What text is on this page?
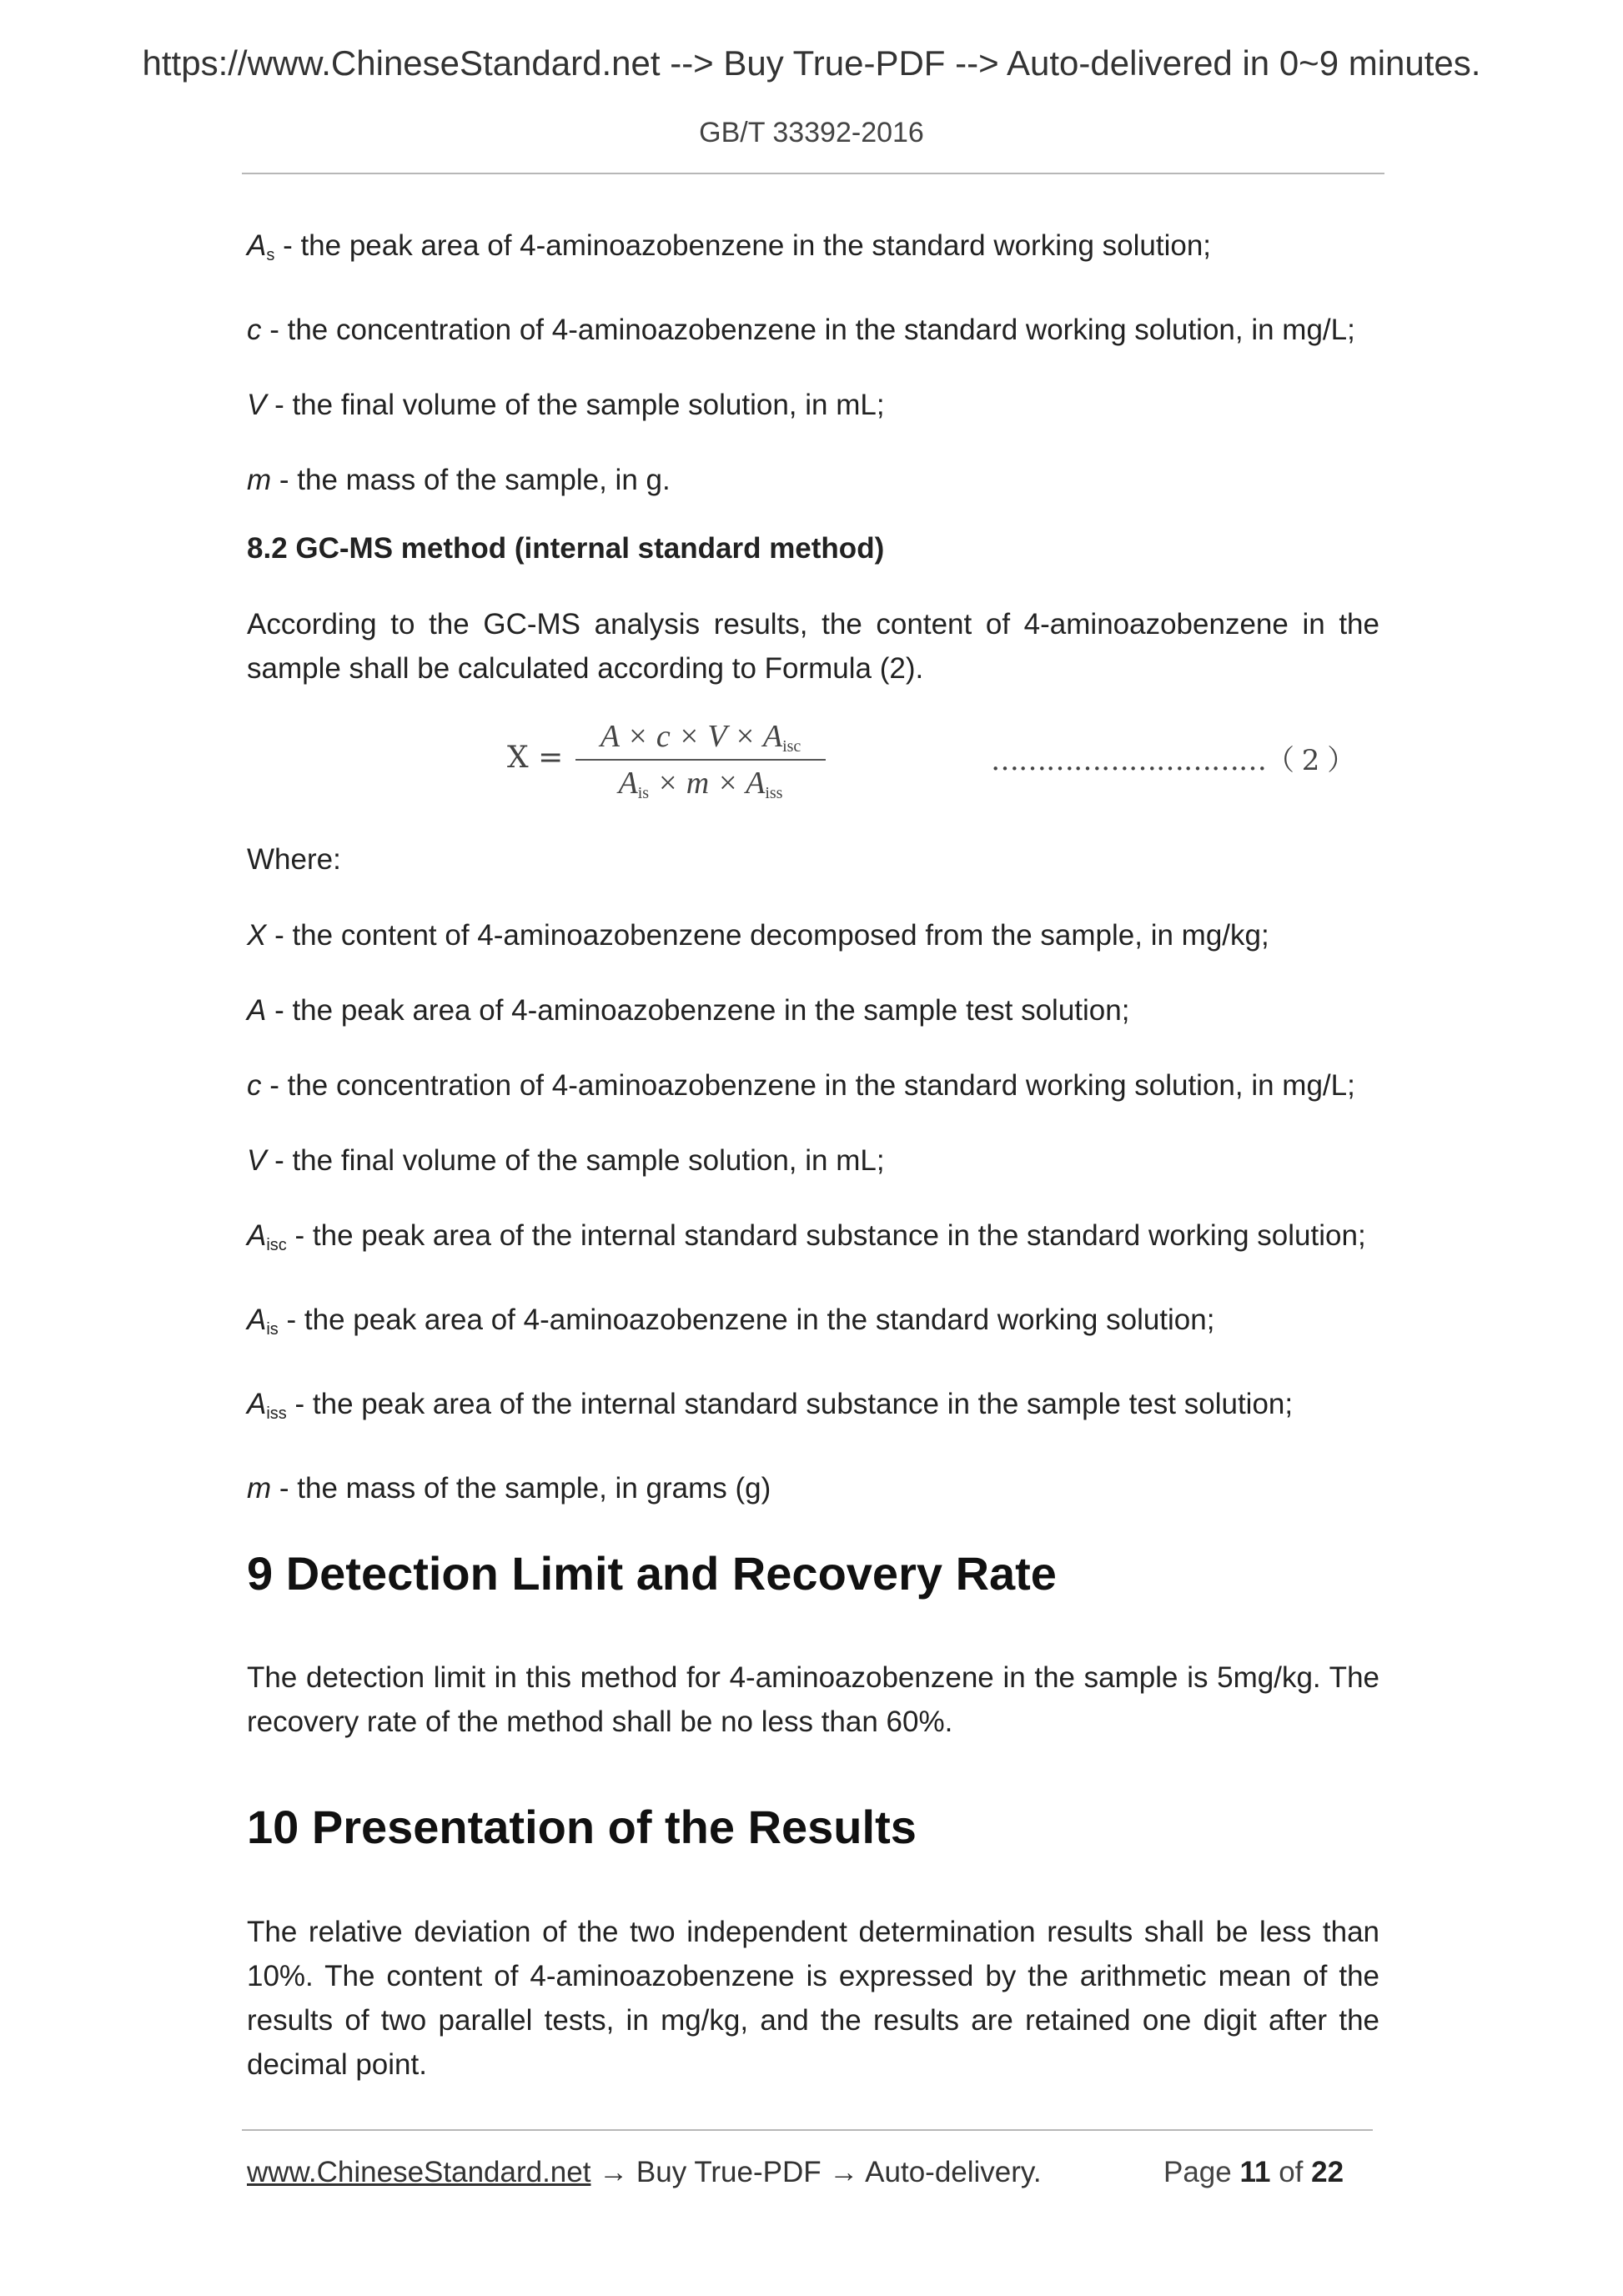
https://www.ChineseStandard.net --> Buy True-PDF --> Auto-delivered in 0~9 minutes.
GB/T 33392-2016

$A_s$ - the peak area of 4-aminoazobenzene in the standard working solution;

c - the concentration of 4-aminoazobenzene in the standard working solution, in mg/L;

V - the final volume of the sample solution, in mL;

m - the mass of the sample, in g.

8.2 GC-MS method (internal standard method)

According to the GC-MS analysis results, the content of 4-aminoazobenzene in the sample shall be calculated according to Formula (2).

X =
A × c × V × Aisc
Ais × m × Aiss
…………………………（ 2 ）

Where:

X - the content of 4-aminoazobenzene decomposed from the sample, in mg/kg;

A - the peak area of 4-aminoazobenzene in the sample test solution;

c - the concentration of 4-aminoazobenzene in the standard working solution, in mg/L;

V - the final volume of the sample solution, in mL;

$A_{isc}$ - the peak area of the internal standard substance in the standard working solution;

$A_{is}$ - the peak area of 4-aminoazobenzene in the standard working solution;

$A_{iss}$ - the peak area of the internal standard substance in the sample test solution;

m - the mass of the sample, in grams (g)

9 Detection Limit and Recovery Rate

The detection limit in this method for 4-aminoazobenzene in the sample is 5mg/kg. The recovery rate of the method shall be no less than 60%.

10 Presentation of the Results

The relative deviation of the two independent determination results shall be less than 10%. The content of 4-aminoazobenzene is expressed by the arithmetic mean of the results of two parallel tests, in mg/kg, and the results are retained one digit after the decimal point.

www.ChineseStandard.net → Buy True-PDF → Auto-delivery.	Page 11 of 22
